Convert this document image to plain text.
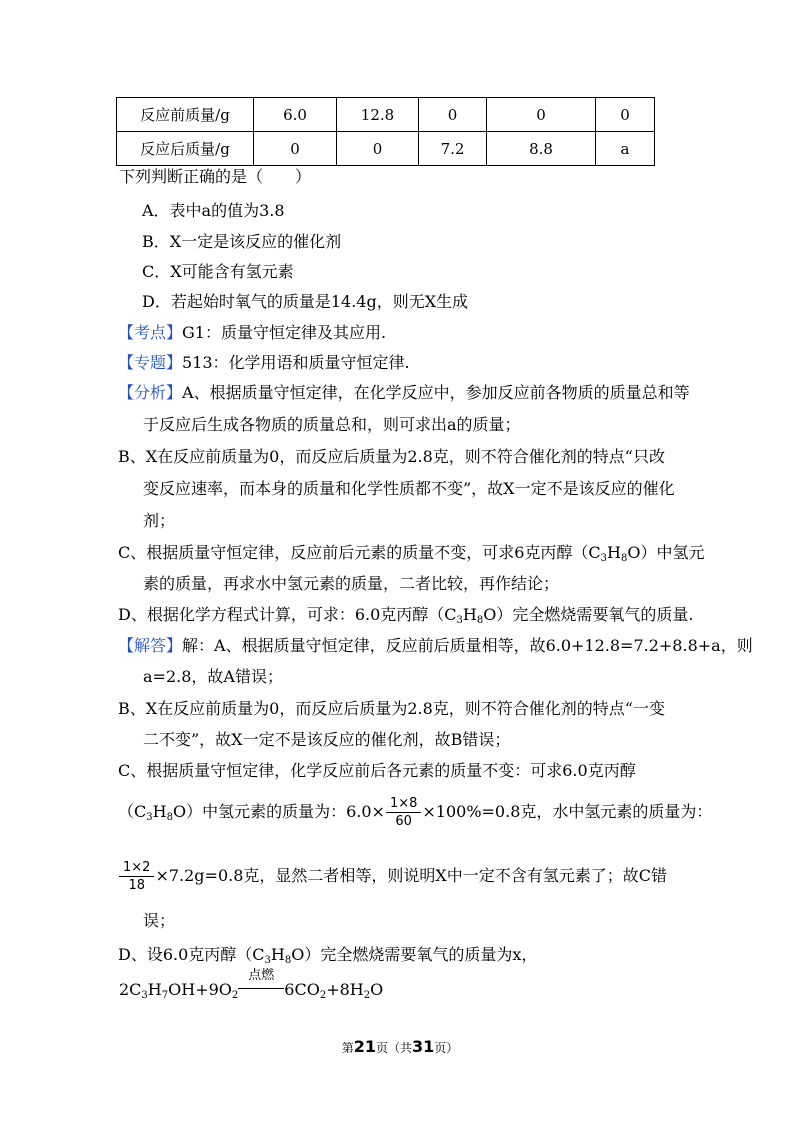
反应前质量/g	6.0	12.8	0	0	0
反应后质量/g	0	0	7.2	8.8	a
下列判断正确的是（　　）
A．表中a的值为3.8
B．X一定是该反应的催化剂
C．X可能含有氢元素
D．若起始时氧气的质量是14.4g，则无X生成
【考点】G1：质量守恒定律及其应用.
【专题】513：化学用语和质量守恒定律.
【分析】A、根据质量守恒定律，在化学反应中，参加反应前各物质的质量总和等
于反应后生成各物质的质量总和，则可求出a的质量；
B、X在反应前质量为0，而反应后质量为2.8克，则不符合催化剂的特点“只改
变反应速率，而本身的质量和化学性质都不变”，故X一定不是该反应的催化
剂；
C、根据质量守恒定律，反应前后元素的质量不变，可求6克丙醇$(C_3H_8O)$中氢元
素的质量，再求水中氢元素的质量，二者比较，再作结论；
D、根据化学方程式计算，可求：6.0克丙醇$(C_3H_8O)$完全燃烧需要氧气的质量.
【解答】解：A、根据质量守恒定律，反应前后质量相等，故6.0+12.8=7.2+8.8+a，则
a=2.8，故A错误；
B、X在反应前质量为0，而反应后质量为2.8克，则不符合催化剂的特点“一变
二不变”，故X一定不是该反应的催化剂，故B错误；
C、根据质量守恒定律，化学反应前后各元素的质量不变：可求6.0克丙醇
$(C_3H_8O)$中氢元素的质量为：$6.0\times \frac{1\times 8}{60} \times 100\%=0.8$克，水中氢元素的质量为：
$\frac{1\times 2}{18} \times 7.2g=0.8$克，显然二者相等，则说明X中一定不含有氢元素了；故C错
误；
D、设6.0克丙醇$(C_3H_8O)$完全燃烧需要氧气的质量为x，
$2C_3H_7OH+9O_2$
点燃
$6CO_2+8H_2O$
第21页（共31页）
